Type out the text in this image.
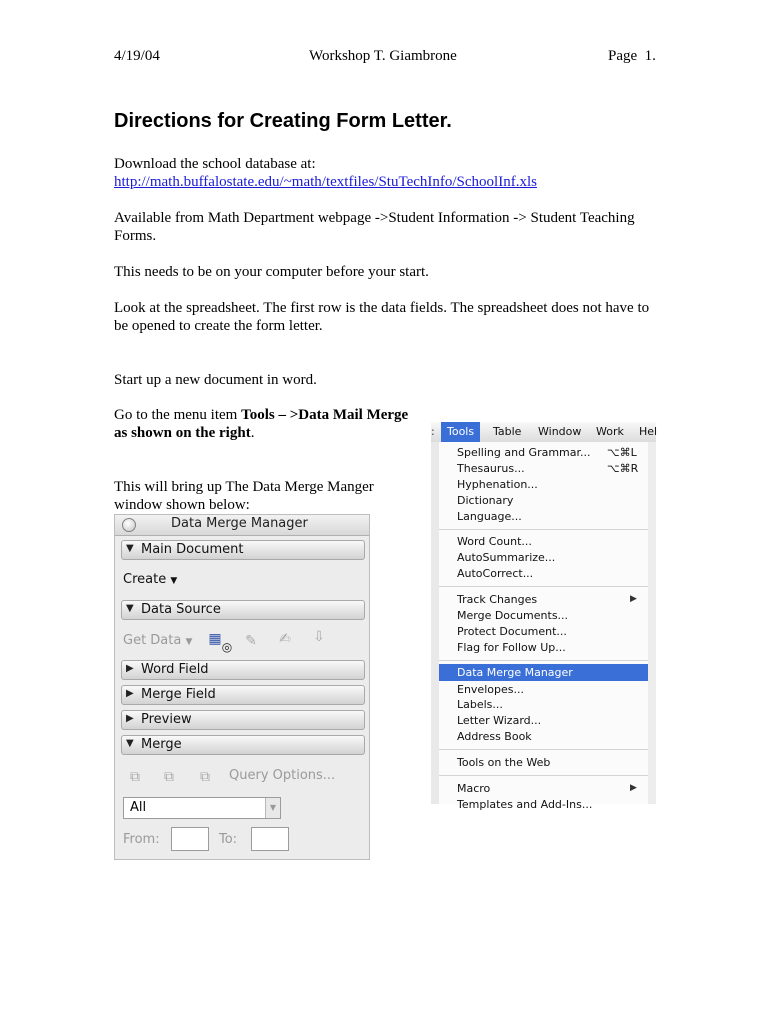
4/19/04	Workshop T. Giambrone	Page  1.
Directions for Creating Form Letter.
Download the school database at:
http://math.buffalostate.edu/~math/textfiles/StuTechInfo/SchoolInf.xls
Available from Math Department webpage ->Student Information -> Student Teaching
Forms.
This needs to be on your computer before your start.
Look at the spreadsheet. The first row is the data fields. The spreadsheet does not have to
be opened to create the form letter.
Start up a new document in word.
Go to the menu item Tools – >Data Mail Merge
as shown on the right.
This will bring up The Data Merge Manger
window shown below:
Data Merge Manager
▼ Main Document
Create ▼
▼ Data Source
Get Data ▼ ▦ ◎ ✎ ✍ ⇩
▶ Word Field
▶ Merge Field
▶ Preview
▼ Merge
⧉	⧉	⧉	Query Options...
All	▼
From:	To:
:	Tools	Table Window Work Hel
Spelling and Grammar... ⌥⌘L
Thesaurus...	⌥⌘R
Hyphenation...
Dictionary
Language...
Word Count...
AutoSummarize...
AutoCorrect...
Track Changes	▶
Merge Documents...
Protect Document...
Flag for Follow Up...
Data Merge Manager
Envelopes...
Labels...
Letter Wizard...
Address Book
Tools on the Web
Macro	▶
Templates and Add-Ins...
